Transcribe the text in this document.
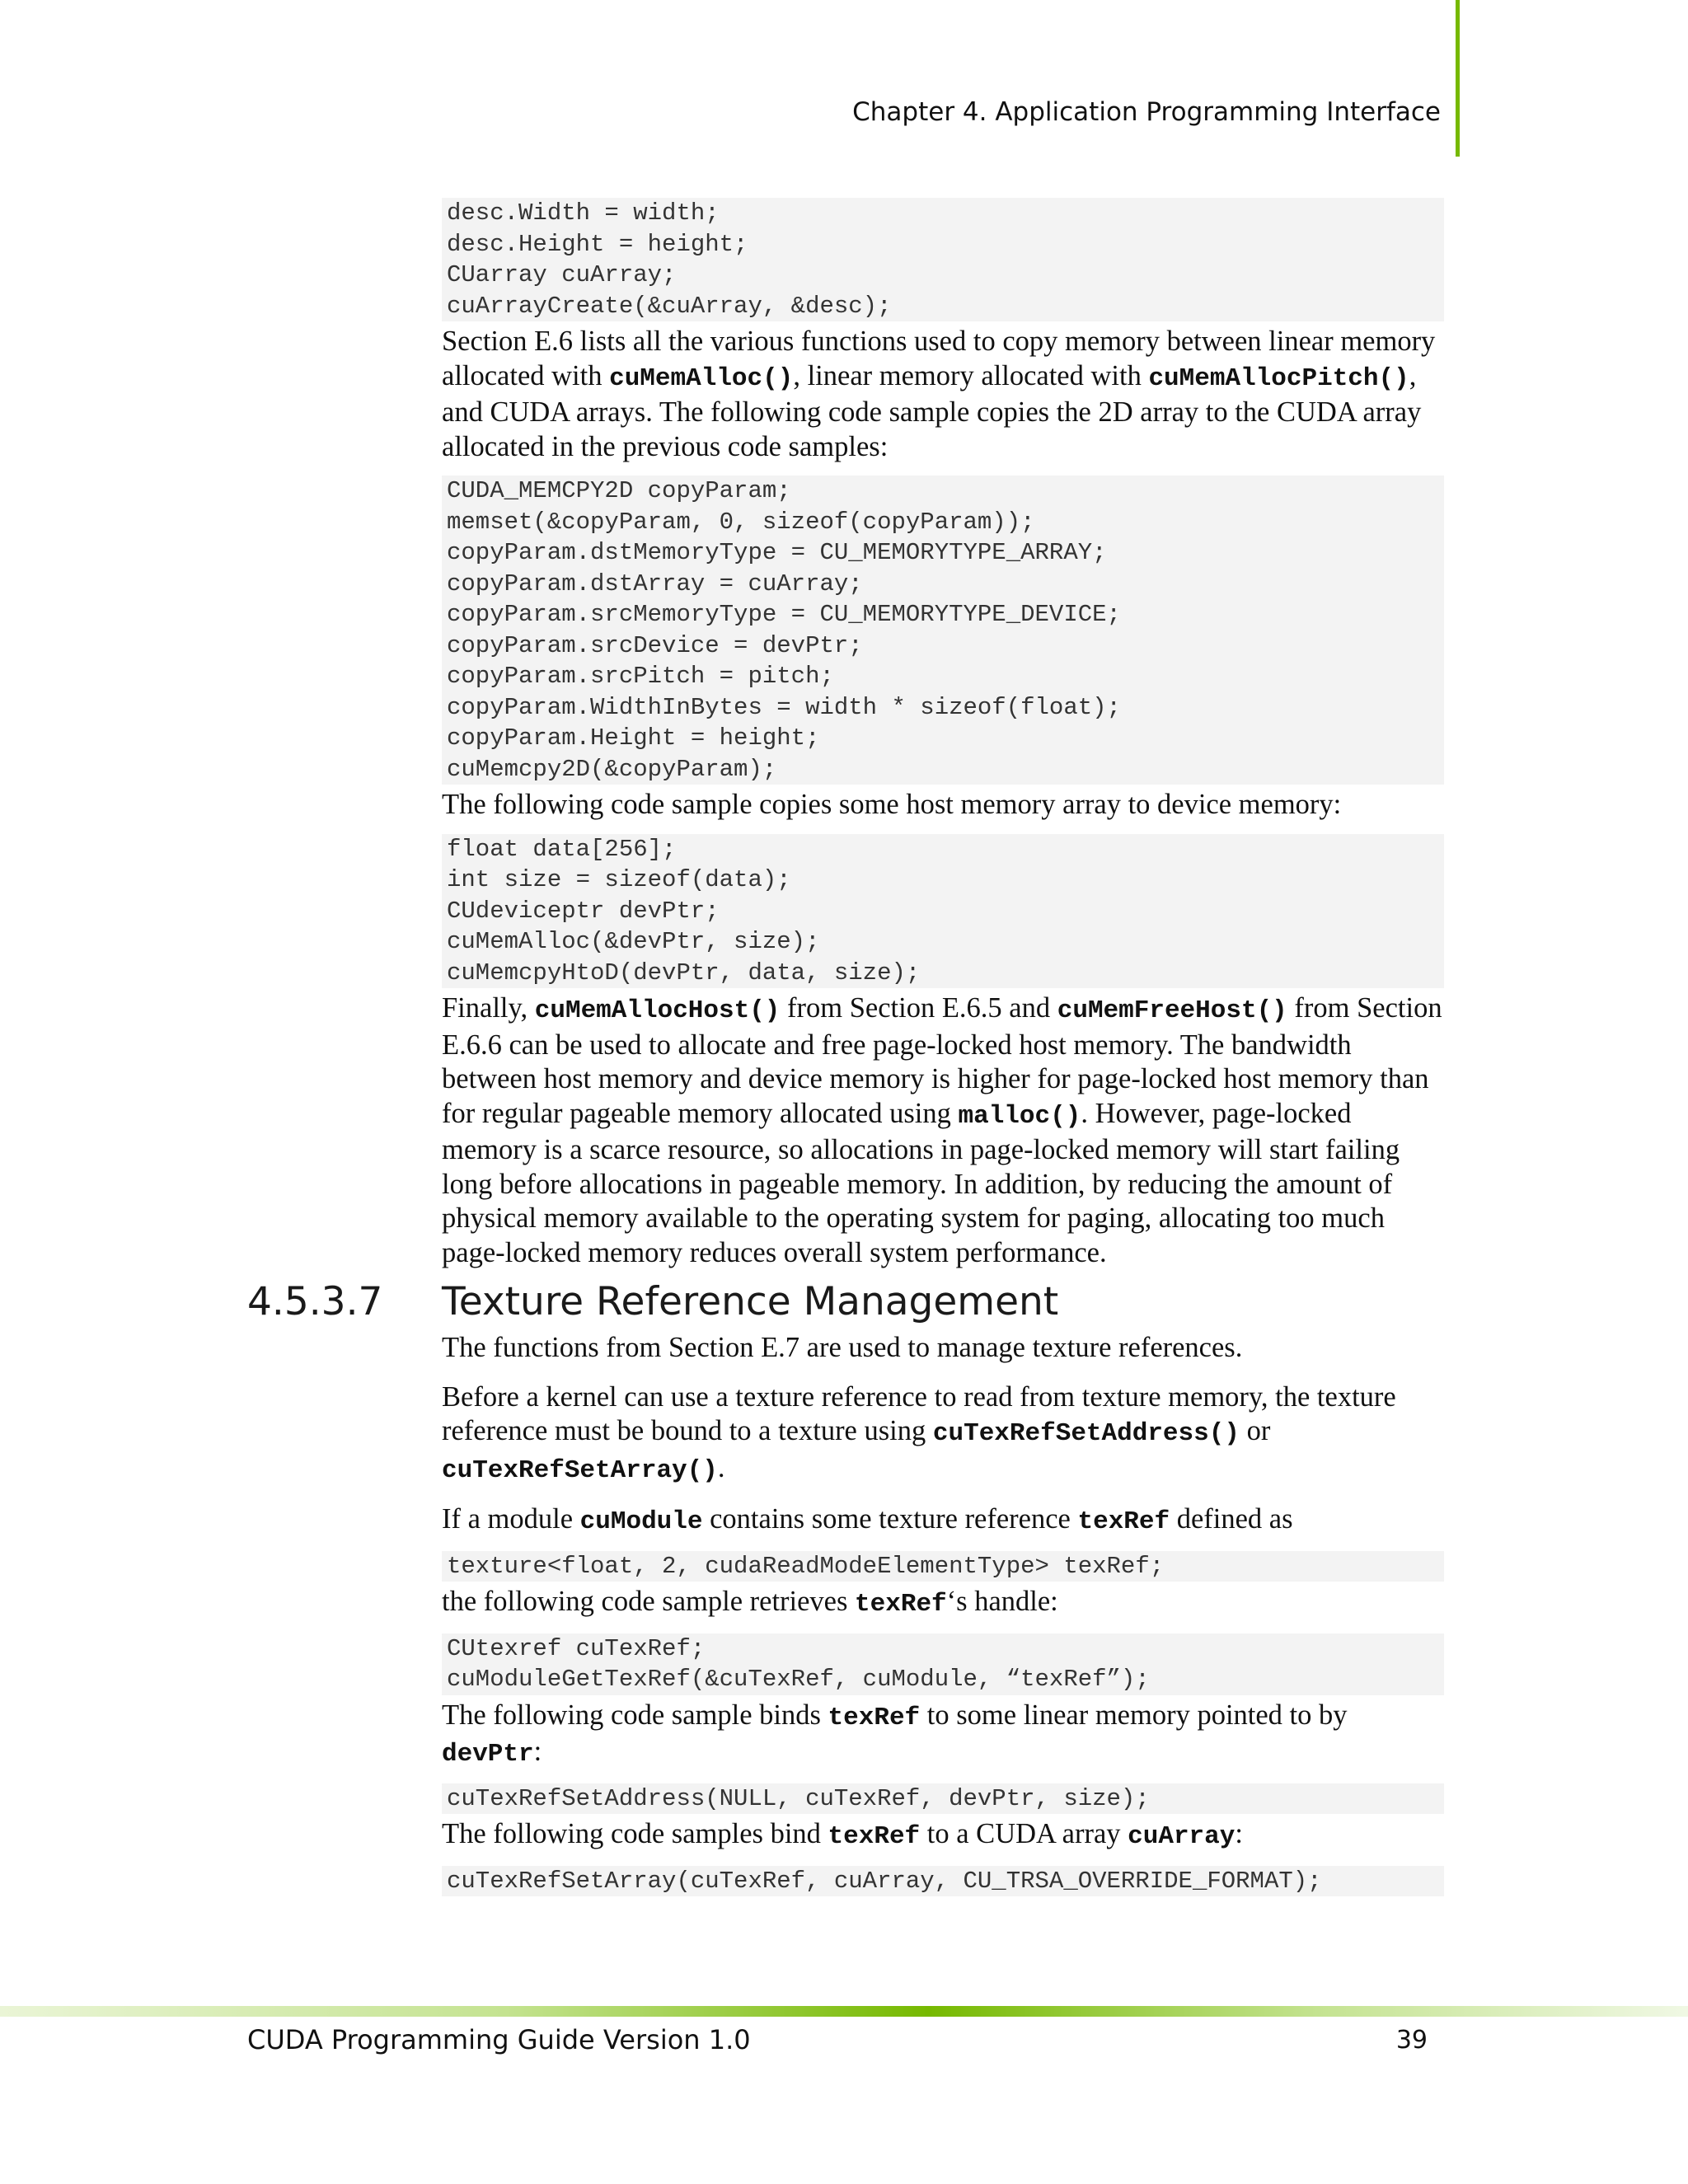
Chapter 4. Application Programming Interface
desc.Width = width;
desc.Height = height;
CUarray cuArray;
cuArrayCreate(&cuArray, &desc);

Section E.6 lists all the various functions used to copy memory between linear memory allocated with cuMemAlloc(), linear memory allocated with cuMemAllocPitch(), and CUDA arrays. The following code sample copies the 2D array to the CUDA array allocated in the previous code samples:

CUDA_MEMCPY2D copyParam;
memset(&copyParam, 0, sizeof(copyParam));
copyParam.dstMemoryType = CU_MEMORYTYPE_ARRAY;
copyParam.dstArray = cuArray;
copyParam.srcMemoryType = CU_MEMORYTYPE_DEVICE;
copyParam.srcDevice = devPtr;
copyParam.srcPitch = pitch;
copyParam.WidthInBytes = width * sizeof(float);
copyParam.Height = height;
cuMemcpy2D(&copyParam);

The following code sample copies some host memory array to device memory:

float data[256];
int size = sizeof(data);
CUdeviceptr devPtr;
cuMemAlloc(&devPtr, size);
cuMemcpyHtoD(devPtr, data, size);

Finally, cuMemAllocHost() from Section E.6.5 and cuMemFreeHost() from Section E.6.6 can be used to allocate and free page-locked host memory. The bandwidth between host memory and device memory is higher for page-locked host memory than for regular pageable memory allocated using malloc(). However, page-locked memory is a scarce resource, so allocations in page-locked memory will start failing long before allocations in pageable memory. In addition, by reducing the amount of physical memory available to the operating system for paging, allocating too much page-locked memory reduces overall system performance.

4.5.3.7 Texture Reference Management

The functions from Section E.7 are used to manage texture references.

Before a kernel can use a texture reference to read from texture memory, the texture reference must be bound to a texture using cuTexRefSetAddress() or cuTexRefSetArray().

If a module cuModule contains some texture reference texRef defined as

texture<float, 2, cudaReadModeElementType> texRef;

the following code sample retrieves texRef‘s handle:

CUtexref cuTexRef;
cuModuleGetTexRef(&cuTexRef, cuModule, “texRef”);

The following code sample binds texRef to some linear memory pointed to by devPtr:

cuTexRefSetAddress(NULL, cuTexRef, devPtr, size);

The following code samples bind texRef to a CUDA array cuArray:

cuTexRefSetArray(cuTexRef, cuArray, CU_TRSA_OVERRIDE_FORMAT);
CUDA Programming Guide Version 1.0	39
